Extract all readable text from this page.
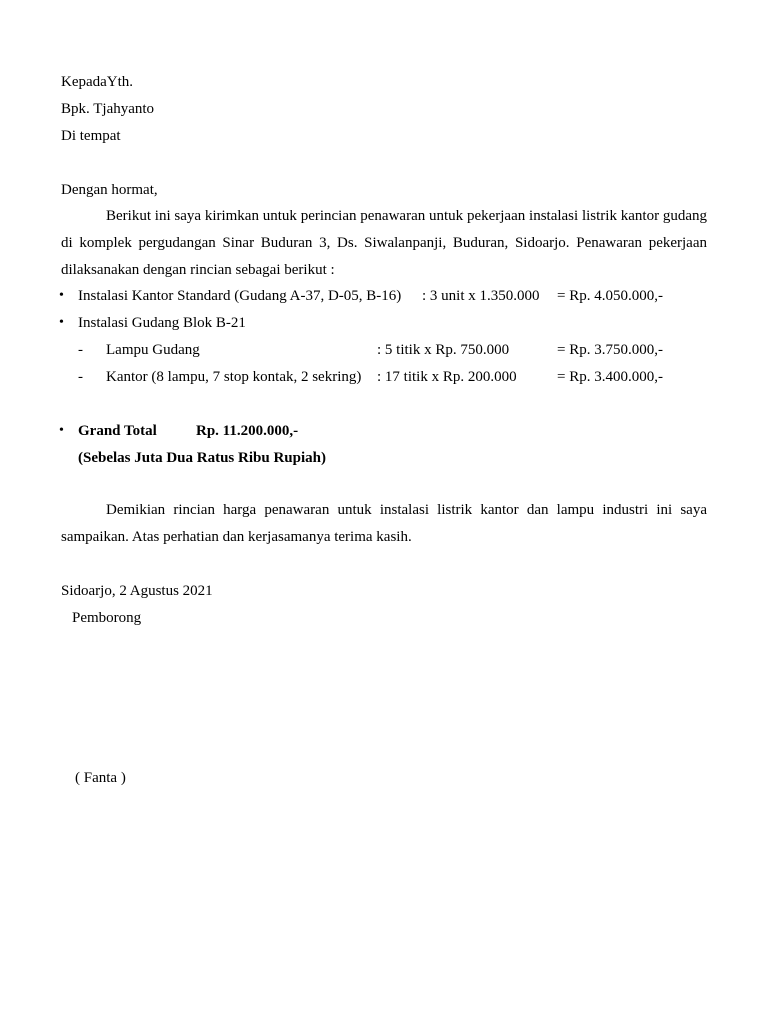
KepadaYth.
Bpk. Tjahyanto
Di tempat
Dengan hormat,
Berikut ini saya kirimkan untuk perincian penawaran untuk pekerjaan instalasi listrik kantor gudang di komplek pergudangan Sinar Buduran 3, Ds. Siwalanpanji, Buduran, Sidoarjo. Penawaran pekerjaan dilaksanakan dengan rincian sebagai berikut :
• Instalasi Kantor Standard (Gudang A-37, D-05, B-16) : 3 unit x 1.350.000 = Rp. 4.050.000,-
• Instalasi Gudang Blok B-21
- Lampu Gudang	: 5 titik x Rp. 750.000	= Rp. 3.750.000,-
- Kantor (8 lampu, 7 stop kontak, 2 sekring) : 17 titik x Rp. 200.000	= Rp. 3.400.000,-
• Grand Total	Rp. 11.200.000,-
(Sebelas Juta Dua Ratus Ribu Rupiah)
Demikian rincian harga penawaran untuk instalasi listrik kantor dan lampu industri ini saya sampaikan. Atas perhatian dan kerjasamanya terima kasih.
Sidoarjo, 2 Agustus 2021
Pemborong
( Fanta )
